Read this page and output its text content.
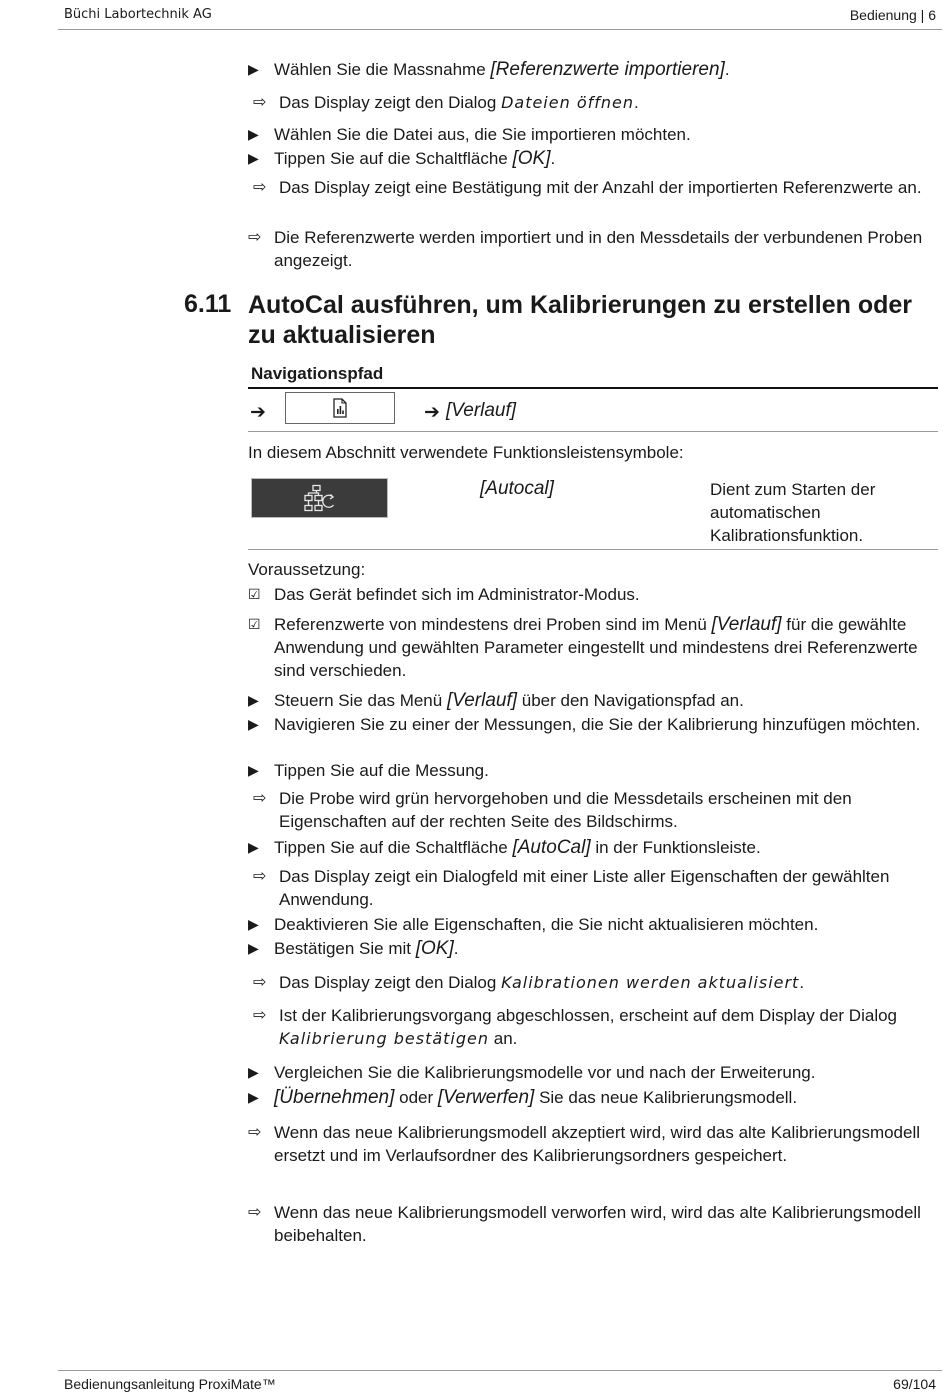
Büchi Labortechnik AG	Bedienung | 6
▶ Wählen Sie die Massnahme [Referenzwerte importieren].
⇨ Das Display zeigt den Dialog Dateien öffnen.
▶ Wählen Sie die Datei aus, die Sie importieren möchten.
▶ Tippen Sie auf die Schaltfläche [OK].
⇨ Das Display zeigt eine Bestätigung mit der Anzahl der importierten Referenzwerte an.
⇨ Die Referenzwerte werden importiert und in den Messdetails der verbundenen Proben angezeigt.
6.11 AutoCal ausführen, um Kalibrierungen zu erstellen oder zu aktualisieren
Navigationspfad
➔	➔ [Verlauf]
In diesem Abschnitt verwendete Funktionsleistensymbole:
[Autocal]	Dient zum Starten der automatischen Kalibrationsfunktion.
Voraussetzung:
☑ Das Gerät befindet sich im Administrator-Modus.
☑ Referenzwerte von mindestens drei Proben sind im Menü [Verlauf] für die gewählte Anwendung und gewählten Parameter eingestellt und mindestens drei Referenzwerte sind verschieden.
▶ Steuern Sie das Menü [Verlauf] über den Navigationspfad an.
▶ Navigieren Sie zu einer der Messungen, die Sie der Kalibrierung hinzufügen möchten.
▶ Tippen Sie auf die Messung.
⇨ Die Probe wird grün hervorgehoben und die Messdetails erscheinen mit den Eigenschaften auf der rechten Seite des Bildschirms.
▶ Tippen Sie auf die Schaltfläche [AutoCal] in der Funktionsleiste.
⇨ Das Display zeigt ein Dialogfeld mit einer Liste aller Eigenschaften der gewählten Anwendung.
▶ Deaktivieren Sie alle Eigenschaften, die Sie nicht aktualisieren möchten.
▶ Bestätigen Sie mit [OK].
⇨ Das Display zeigt den Dialog Kalibrationen werden aktualisiert.
⇨ Ist der Kalibrierungsvorgang abgeschlossen, erscheint auf dem Display der Dialog Kalibrierung bestätigen an.
▶ Vergleichen Sie die Kalibrierungsmodelle vor und nach der Erweiterung.
▶ [Übernehmen] oder [Verwerfen] Sie das neue Kalibrierungsmodell.
⇨ Wenn das neue Kalibrierungsmodell akzeptiert wird, wird das alte Kalibrierungsmodell ersetzt und im Verlaufsordner des Kalibrierungsordners gespeichert.
⇨ Wenn das neue Kalibrierungsmodell verworfen wird, wird das alte Kalibrierungsmodell beibehalten.
Bedienungsanleitung ProxiMate™	69/104
